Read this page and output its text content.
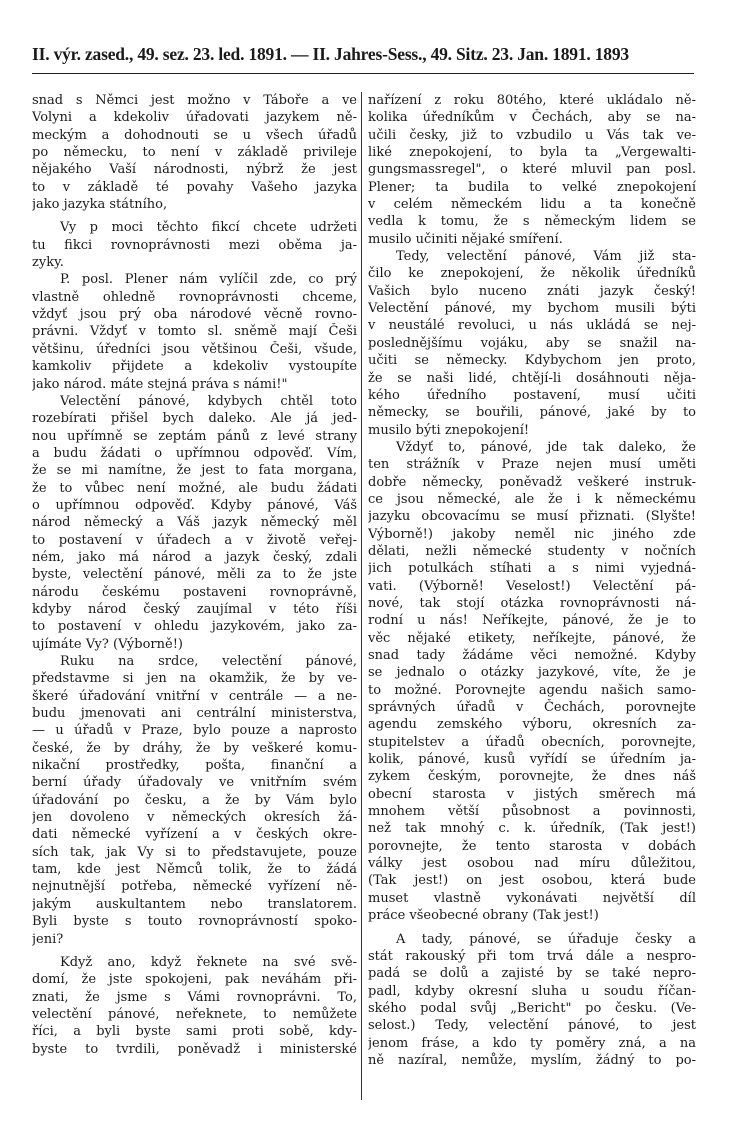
II. výr. zased., 49. sez. 23. led. 1891. — II. Jahres-Sess., 49. Sitz. 23. Jan. 1891. 1893
snad s Němci jest možno v Táboře a ve
Volyni a kdekoliv úřadovati jazykem ně-
meckým a dohodnouti se u všech úřadů
po německu, to není v základě privileje
nějakého Vaší národnosti, nýbrž že jest
to v základě té povahy Vašeho jazyka
jako jazyka státního,
Vy p moci těchto fikcí chcete udržeti
tu fikci rovnoprávnosti mezi oběma ja-
zyky.
P. posl. Plener nám vylíčil zde, co prý
vlastně ohledně rovnoprávnosti chceme,
vždyť jsou prý oba národové věcně rovno-
právni. Vždyť v tomto sl. sněmě mají Češi
většinu, úředníci jsou většinou Češi, všude,
kamkoliv přijdete a kdekoliv vystoupíte
jako národ. máte stejná práva s námi!"
Velectění pánové, kdybych chtěl toto
rozebírati přišel bych daleko. Ale já jed-
nou upřímně se zeptám pánů z levé strany
a budu žádati o upřímnou odpověď. Vím,
že se mi namítne, že jest to fata morgana,
že to vůbec není možné, ale budu žádati
o upřímnou odpověď. Kdyby pánové, Váš
národ německý a Váš jazyk německý měl
to postavení v úřadech a v životě veřej-
ném, jako má národ a jazyk český, zdali
byste, velectění pánové, měli za to že jste
národu českému postaveni rovnoprávně,
kdyby národ český zaujímal v této říši
to postavení v ohledu jazykovém, jako za-
ujímáte Vy? (Výborně!)
Ruku na srdce, velectění pánové,
představme si jen na okamžik, že by ve-
škeré úřadování vnitřní v centrále — a ne-
budu jmenovati ani centrální ministerstva,
— u úřadů v Praze, bylo pouze a naprosto
české, že by dráhy, že by veškeré komu-
nikační prostředky, pošta, finanční a
berní úřady úřadovaly ve vnitřním svém
úřadování po česku, a že by Vám bylo
jen dovoleno v německých okresích žá-
dati německé vyřízení a v českých okre-
sích tak, jak Vy si to představujete, pouze
tam, kde jest Němců tolik, že to žádá
nejnutnější potřeba, německé vyřízení ně-
jakým auskultantem nebo translatorem.
Byli byste s touto rovnoprávností spoko-
jeni?
Když ano, když řeknete na své svě-
domí, že jste spokojeni, pak neváhám při-
znati, že jsme s Vámi rovnoprávni. To,
velectění pánové, neřeknete, to nemůžete
říci, a byli byste sami proti sobě, kdy-
byste to tvrdili, poněvadž i ministerské
nařízení z roku 80tého, které ukládalo ně-
kolika úředníkům v Čechách, aby se na-
učili česky, již to vzbudilo u Vás tak ve-
liké znepokojení, to byla ta „Vergewalti-
gungsmassregel", o které mluvil pan posl.
Plener; ta budila to velké znepokojení
v celém německém lidu a ta konečně
vedla k tomu, že s německým lidem se
musilo učiniti nějaké smíření.
Tedy, velectění pánové, Vám již sta-
čilo ke znepokojení, že několik úředníků
Vašich bylo nuceno znáti jazyk český!
Velectění pánové, my bychom musili býti
v neustálé revoluci, u nás ukládá se nej-
poslednějšímu vojáku, aby se snažil na-
učiti se německy. Kdybychom jen proto,
že se naši lidé, chtějí-li dosáhnouti něja-
kého úředního postavení, musí učiti
německy, se bouřili, pánové, jaké by to
musilo býti znepokojení!
Vždyť to, pánové, jde tak daleko, že
ten strážník v Praze nejen musí uměti
dobře německy, poněvadž veškeré instruk-
ce jsou německé, ale že i k německému
jazyku obcovacímu se musí přiznati. (Slyšte!
Výborně!) jakoby neměl nic jiného zde
dělati, nežli německé studenty v nočních
jich potulkách stíhati a s nimi vyjedná-
vati. (Výborně! Veselost!) Velectění pá-
nové, tak stojí otázka rovnoprávnosti ná-
rodní u nás! Neříkejte, pánové, že je to
věc nějaké etikety, neříkejte, pánové, že
snad tady žádáme věci nemožné. Kdyby
se jednalo o otázky jazykové, víte, že je
to možné. Porovnejte agendu našich samo-
správných úřadů v Čechách, porovnejte
agendu zemského výboru, okresních za-
stupitelstev a úřadů obecních, porovnejte,
kolik, pánové, kusů vyřídí se úředním ja-
zykem českým, porovnejte, že dnes náš
obecní starosta v jistých směrech má
mnohem větší působnost a povinnosti,
než tak mnohý c. k. úředník, (Tak jest!)
porovnejte, že tento starosta v dobách
války jest osobou nad míru důležitou,
(Tak jest!) on jest osobou, která bude
muset vlastně vykonávati největší díl
práce všeobecné obrany (Tak jest!)
A tady, pánové, se úřaduje česky a
stát rakouský při tom trvá dále a nespro-
padá se dolů a zajisté by se také nepro-
padl, kdyby okresní sluha u soudu říčan-
ského podal svůj „Bericht" po česku. (Ve-
selost.) Tedy, velectění pánové, to jest
jenom fráse, a kdo ty poměry zná, a na
ně nazíral, nemůže, myslím, žádný to po-
